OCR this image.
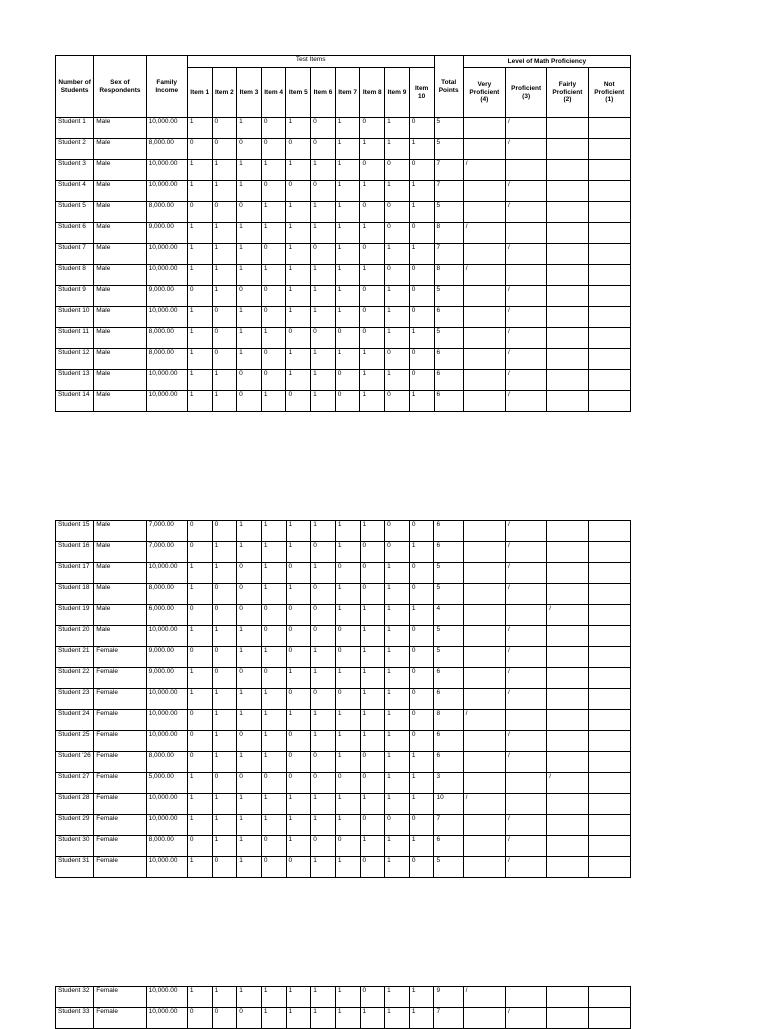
Number of Students	Sex of Respondents	Family Income	Test Items										Total Points	Level of Math Proficiency			
			Item 1	Item 2	Item 3	Item 4	Item 5	Item 6	Item 7	Item 8	Item 9	Item 10		Very Proficient (4)	Proficient (3)	Fairly Proficient (2)	Not Proficient (1)
Student 1	Male	10,000.00	1	0	1	0	1	0	1	0	1	0	5		/		
Student 2	Male	8,000.00	0	0	0	0	0	0	1	1	1	1	5		/		
Student 3	Male	10,000.00	1	1	1	1	1	1	1	0	0	0	7	/			
Student 4	Male	10,000.00	1	1	1	0	0	0	1	1	1	1	7		/		
Student 5	Male	8,000.00	0	0	0	1	1	1	1	0	0	1	5		/		
Student 6	Male	9,000.00	1	1	1	1	1	1	1	1	0	0	8	/			
Student 7	Male	10,000.00	1	1	1	0	1	0	1	0	1	1	7		/		
Student 8	Male	10,000.00	1	1	1	1	1	1	1	1	0	0	8	/			
Student 9	Male	9,000.00	0	1	0	0	1	1	1	0	1	0	5		/		
Student 10	Male	10,000.00	1	0	1	0	1	1	1	0	1	0	6		/		
Student 11	Male	8,000.00	1	0	1	1	0	0	0	0	1	1	5		/		
Student 12	Male	8,000.00	1	0	1	0	1	1	1	1	0	0	6		/		
Student 13	Male	10,000.00	1	1	0	0	1	1	0	1	1	0	6		/		
Student 14	Male	10,000.00	1	1	0	1	0	1	0	1	0	1	6		/		
Student 15	Male	7,000.00	0	0	1	1	1	1	1	1	0	0	6		/		
Student 16	Male	7,000.00	0	1	1	1	1	0	1	0	0	1	6		/		
Student 17	Male	10,000.00	1	1	0	1	0	1	0	0	1	0	5		/		
Student 18	Male	8,000.00	1	0	0	1	1	0	1	0	1	0	5		/		
Student 19	Male	6,000.00	0	0	0	0	0	0	1	1	1	1	4			/	
Student 20	Male	10,000.00	1	1	1	0	0	0	0	1	1	0	5		/		
Student 21	Female	9,000.00	0	0	1	1	0	1	0	1	1	0	5		/		
Student 22	Female	9,000.00	1	0	0	0	1	1	1	1	1	0	6		/		
Student 23	Female	10,000.00	1	1	1	1	0	0	0	1	1	0	6		/		
Student 24	Female	10,000.00	0	1	1	1	1	1	1	1	1	0	8	/			
Student 25	Female	10,000.00	0	1	0	1	0	1	1	1	1	0	6		/		
Student '26	Female	8,000.00	0	1	1	1	0	0	1	0	1	1	6		/		
Student 27	Female	5,000.00	1	0	0	0	0	0	0	0	1	1	3			/	
Student 28	Female	10,000.00	1	1	1	1	1	1	1	1	1	1	10	/			
Student 29	Female	10,000.00	1	1	1	1	1	1	1	0	0	0	7		/		
Student 30	Female	8,000.00	0	1	1	0	1	0	0	1	1	1	6		/		
Student 31	Female	10,000.00	1	0	1	0	0	1	1	0	1	0	5		/		
Student 32	Female	10,000.00	1	1	1	1	1	1	1	0	1	1	9	/			
Student 33	Female	10,000.00	0	0	0	1	1	1	1	1	1	1	7		/		
